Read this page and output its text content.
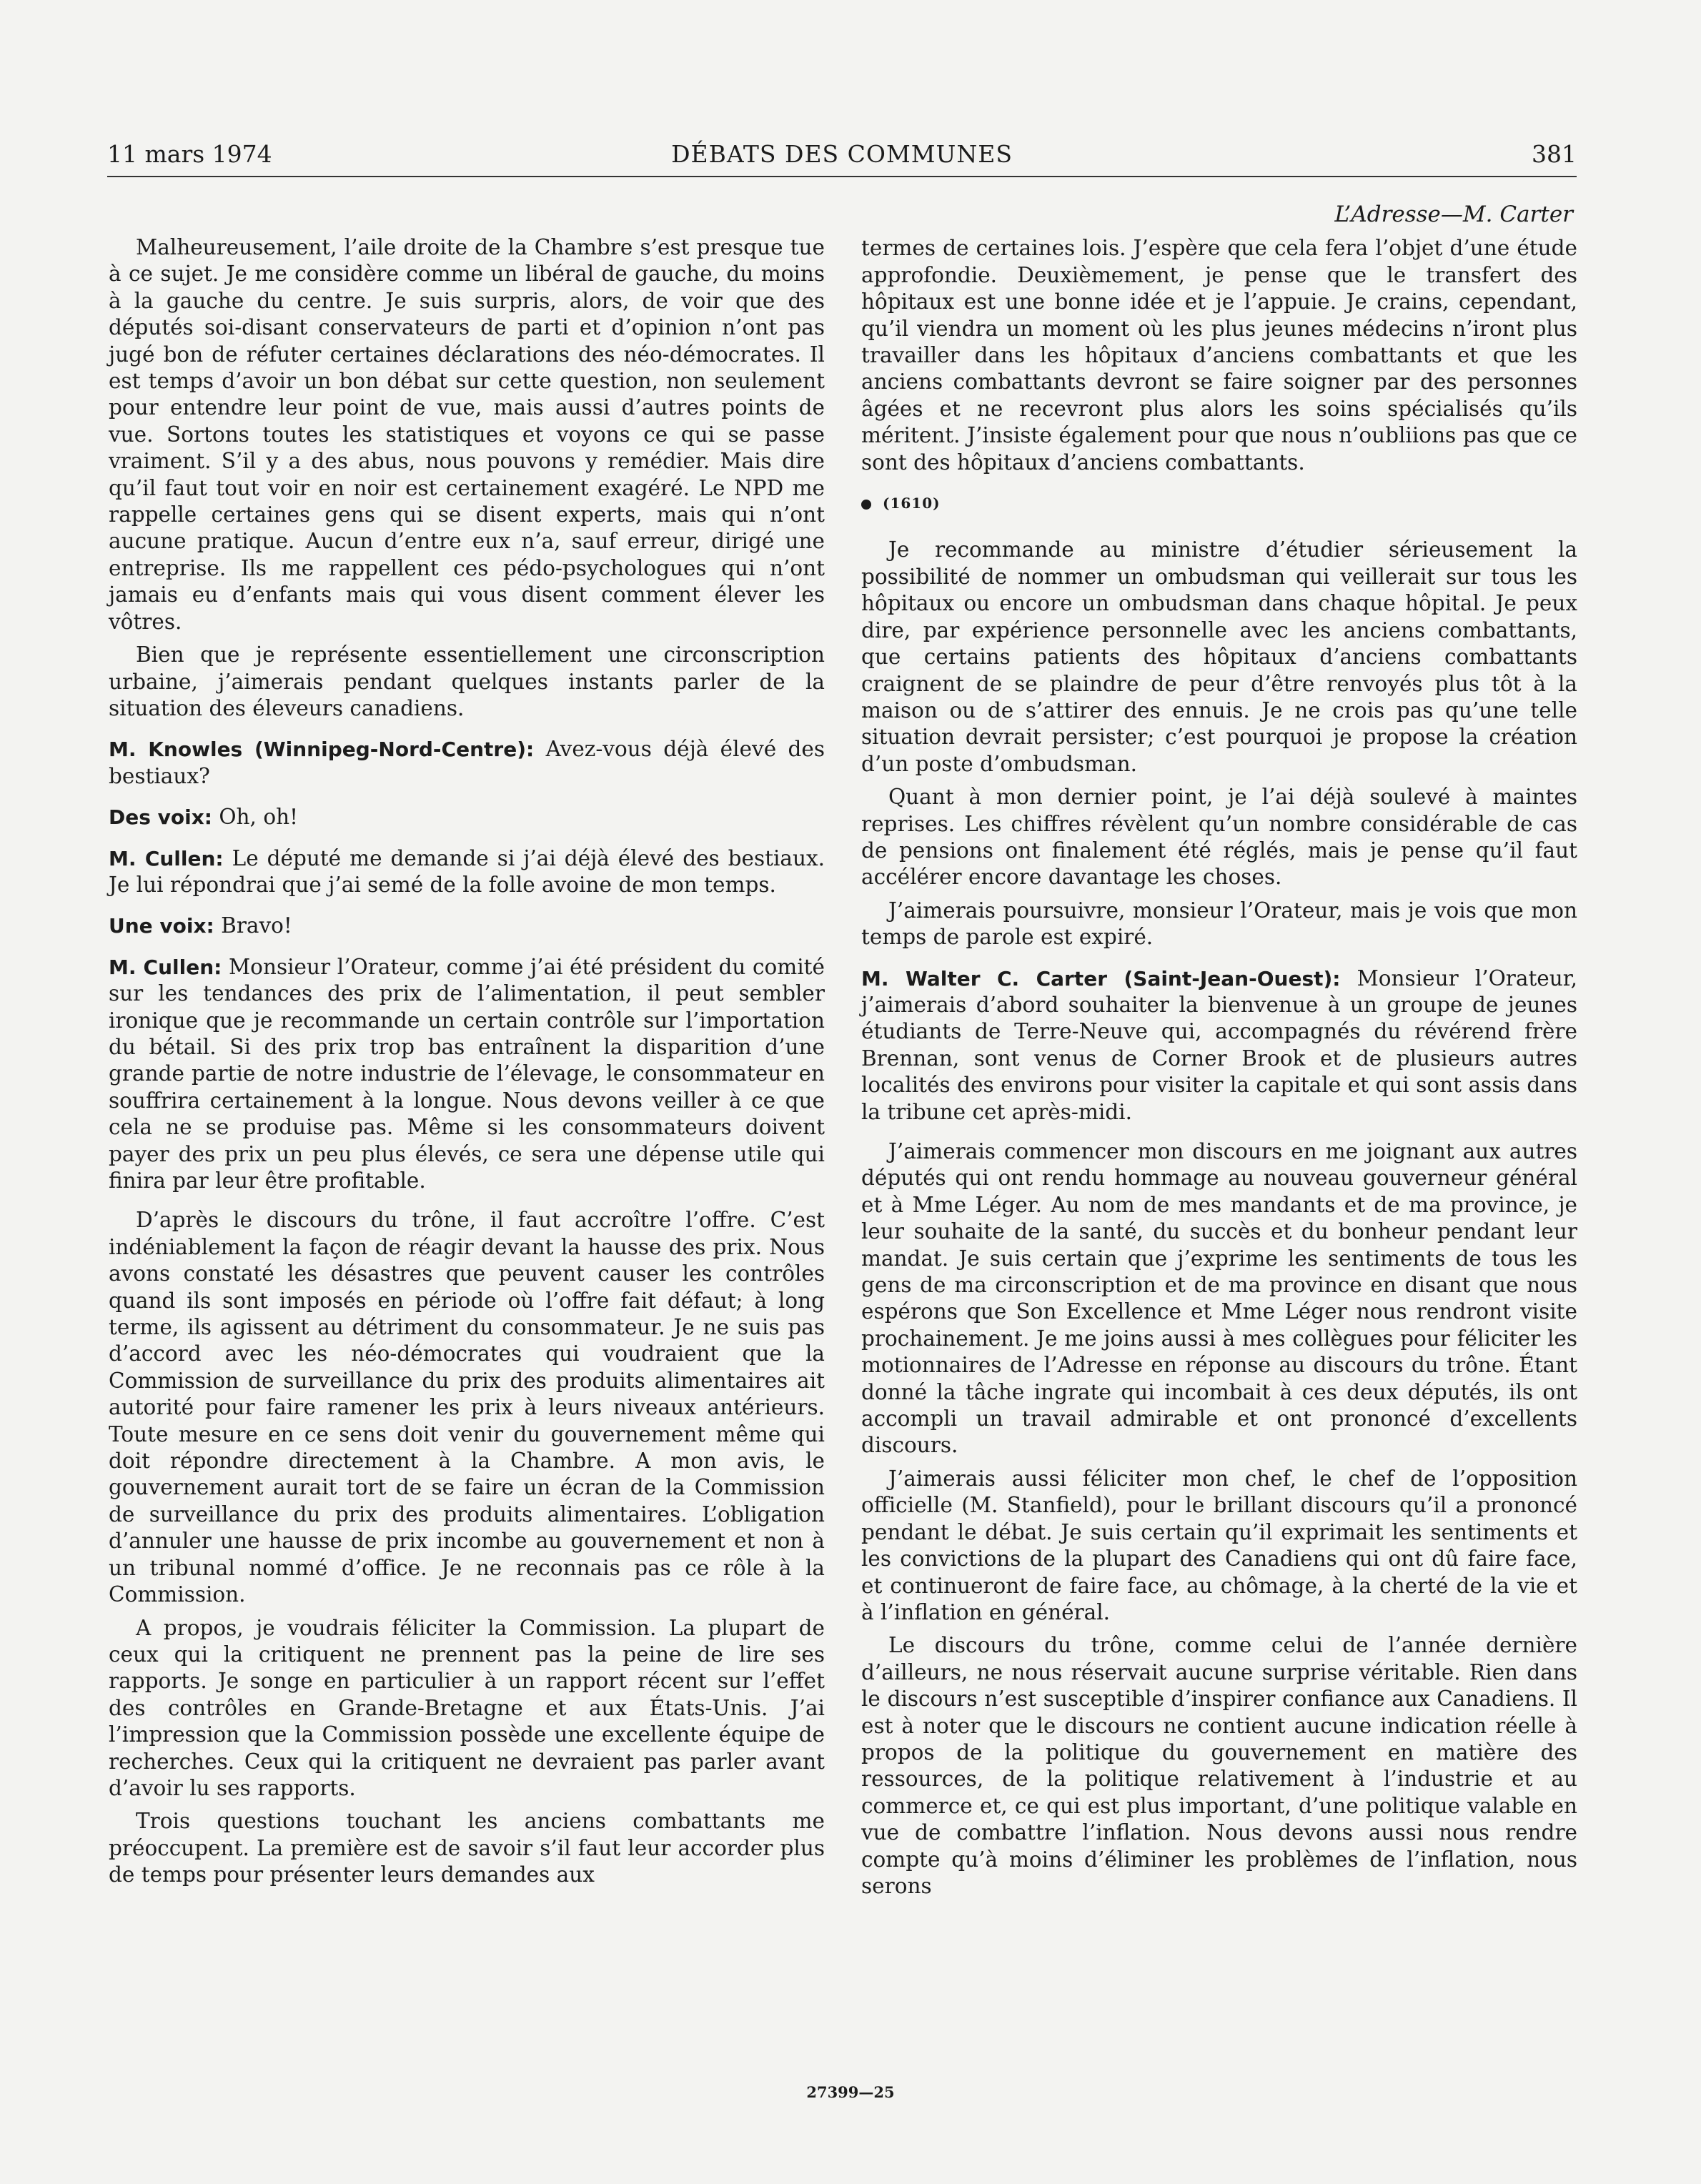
11 mars 1974	DÉBATS DES COMMUNES	381

Malheureusement, l’aile droite de la Chambre s’est presque tue à ce sujet. Je me considère comme un libéral de gauche, du moins à la gauche du centre. Je suis surpris, alors, de voir que des députés soi-disant conservateurs de parti et d’opinion n’ont pas jugé bon de réfuter certaines déclarations des néo-démocrates. Il est temps d’avoir un bon débat sur cette question, non seulement pour entendre leur point de vue, mais aussi d’autres points de vue. Sortons toutes les statistiques et voyons ce qui se passe vraiment. S’il y a des abus, nous pouvons y remédier. Mais dire qu’il faut tout voir en noir est certainement exagéré. Le NPD me rappelle certaines gens qui se disent experts, mais qui n’ont aucune pratique. Aucun d’entre eux n’a, sauf erreur, dirigé une entreprise. Ils me rappellent ces pédo-psychologues qui n’ont jamais eu d’enfants mais qui vous disent comment élever les vôtres.

Bien que je représente essentiellement une circonscription urbaine, j’aimerais pendant quelques instants parler de la situation des éleveurs canadiens.

M. Knowles (Winnipeg-Nord-Centre): Avez-vous déjà élevé des bestiaux?

Des voix: Oh, oh!

M. Cullen: Le député me demande si j’ai déjà élevé des bestiaux. Je lui répondrai que j’ai semé de la folle avoine de mon temps.

Une voix: Bravo!

M. Cullen: Monsieur l’Orateur, comme j’ai été président du comité sur les tendances des prix de l’alimentation, il peut sembler ironique que je recommande un certain contrôle sur l’importation du bétail. Si des prix trop bas entraînent la disparition d’une grande partie de notre industrie de l’élevage, le consommateur en souffrira certainement à la longue. Nous devons veiller à ce que cela ne se produise pas. Même si les consommateurs doivent payer des prix un peu plus élevés, ce sera une dépense utile qui finira par leur être profitable.

D’après le discours du trône, il faut accroître l’offre. C’est indéniablement la façon de réagir devant la hausse des prix. Nous avons constaté les désastres que peuvent causer les contrôles quand ils sont imposés en période où l’offre fait défaut; à long terme, ils agissent au détriment du consommateur. Je ne suis pas d’accord avec les néo-démocrates qui voudraient que la Commission de surveillance du prix des produits alimentaires ait autorité pour faire ramener les prix à leurs niveaux antérieurs. Toute mesure en ce sens doit venir du gouvernement même qui doit répondre directement à la Chambre. A mon avis, le gouvernement aurait tort de se faire un écran de la Commission de surveillance du prix des produits alimentaires. L’obligation d’annuler une hausse de prix incombe au gouvernement et non à un tribunal nommé d’office. Je ne reconnais pas ce rôle à la Commission.

A propos, je voudrais féliciter la Commission. La plupart de ceux qui la critiquent ne prennent pas la peine de lire ses rapports. Je songe en particulier à un rapport récent sur l’effet des contrôles en Grande-Bretagne et aux États-Unis. J’ai l’impression que la Commission possède une excellente équipe de recherches. Ceux qui la critiquent ne devraient pas parler avant d’avoir lu ses rapports.

Trois questions touchant les anciens combattants me préoccupent. La première est de savoir s’il faut leur accorder plus de temps pour présenter leurs demandes aux

L’Adresse—M. Carter

termes de certaines lois. J’espère que cela fera l’objet d’une étude approfondie. Deuxièmement, je pense que le transfert des hôpitaux est une bonne idée et je l’appuie. Je crains, cependant, qu’il viendra un moment où les plus jeunes médecins n’iront plus travailler dans les hôpitaux d’anciens combattants et que les anciens combattants devront se faire soigner par des personnes âgées et ne recevront plus alors les soins spécialisés qu’ils méritent. J’insiste également pour que nous n’oubliions pas que ce sont des hôpitaux d’anciens combattants.

(1610)

Je recommande au ministre d’étudier sérieusement la possibilité de nommer un ombudsman qui veillerait sur tous les hôpitaux ou encore un ombudsman dans chaque hôpital. Je peux dire, par expérience personnelle avec les anciens combattants, que certains patients des hôpitaux d’anciens combattants craignent de se plaindre de peur d’être renvoyés plus tôt à la maison ou de s’attirer des ennuis. Je ne crois pas qu’une telle situation devrait persister; c’est pourquoi je propose la création d’un poste d’ombudsman.

Quant à mon dernier point, je l’ai déjà soulevé à maintes reprises. Les chiffres révèlent qu’un nombre considérable de cas de pensions ont finalement été réglés, mais je pense qu’il faut accélérer encore davantage les choses.

J’aimerais poursuivre, monsieur l’Orateur, mais je vois que mon temps de parole est expiré.

M. Walter C. Carter (Saint-Jean-Ouest): Monsieur l’Orateur, j’aimerais d’abord souhaiter la bienvenue à un groupe de jeunes étudiants de Terre-Neuve qui, accompagnés du révérend frère Brennan, sont venus de Corner Brook et de plusieurs autres localités des environs pour visiter la capitale et qui sont assis dans la tribune cet après-midi.

J’aimerais commencer mon discours en me joignant aux autres députés qui ont rendu hommage au nouveau gouverneur général et à Mme Léger. Au nom de mes mandants et de ma province, je leur souhaite de la santé, du succès et du bonheur pendant leur mandat. Je suis certain que j’exprime les sentiments de tous les gens de ma circonscription et de ma province en disant que nous espérons que Son Excellence et Mme Léger nous rendront visite prochainement. Je me joins aussi à mes collègues pour féliciter les motionnaires de l’Adresse en réponse au discours du trône. Étant donné la tâche ingrate qui incombait à ces deux députés, ils ont accompli un travail admirable et ont prononcé d’excellents discours.

J’aimerais aussi féliciter mon chef, le chef de l’opposition officielle (M. Stanfield), pour le brillant discours qu’il a prononcé pendant le débat. Je suis certain qu’il exprimait les sentiments et les convictions de la plupart des Canadiens qui ont dû faire face, et continueront de faire face, au chômage, à la cherté de la vie et à l’inflation en général.

Le discours du trône, comme celui de l’année dernière d’ailleurs, ne nous réservait aucune surprise véritable. Rien dans le discours n’est susceptible d’inspirer confiance aux Canadiens. Il est à noter que le discours ne contient aucune indication réelle à propos de la politique du gouvernement en matière des ressources, de la politique relativement à l’industrie et au commerce et, ce qui est plus important, d’une politique valable en vue de combattre l’inflation. Nous devons aussi nous rendre compte qu’à moins d’éliminer les problèmes de l’inflation, nous serons

27399—25
